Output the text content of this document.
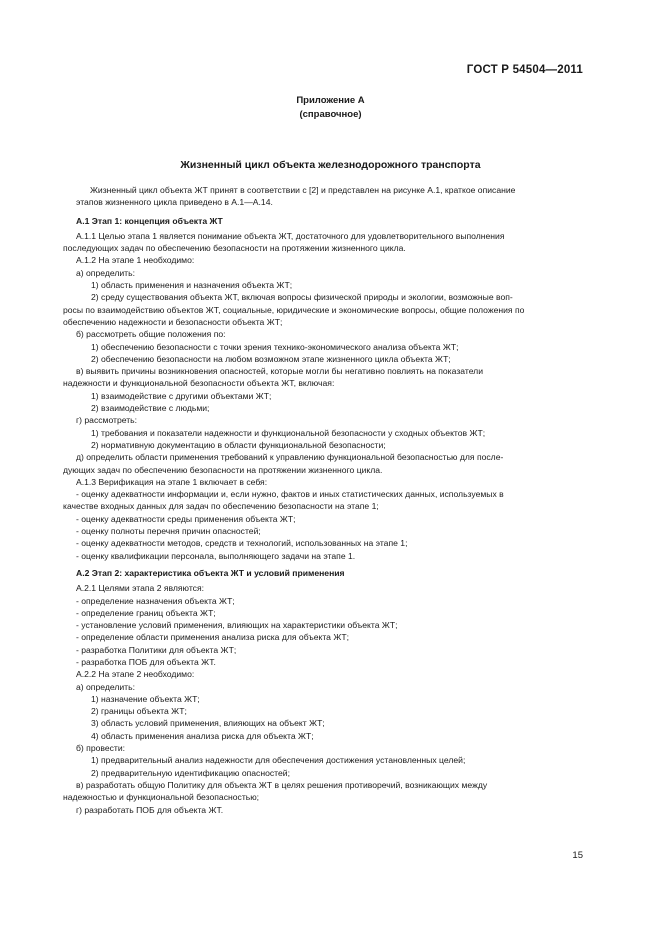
ГОСТ Р 54504—2011
Приложение А
(справочное)
Жизненный цикл объекта железнодорожного транспорта

Жизненный цикл объекта ЖТ принят в соответствии с [2] и представлен на рисунке А.1, краткое описание

этапов жизненного цикла приведено в А.1—А.14.

А.1 Этап 1: концепция объекта ЖТ

А.1.1 Целью этапа 1 является понимание объекта ЖТ, достаточного для удовлетворительного выполнения

последующих задач по обеспечению безопасности на протяжении жизненного цикла.

А.1.2 На этапе 1 необходимо:

а) определить:

1) область применения и назначения объекта ЖТ;

2) среду существования объекта ЖТ, включая вопросы физической природы и экологии, возможные воп-

росы по взаимодействию объектов ЖТ, социальные, юридические и экономические вопросы, общие положения по

обеспечению надежности и безопасности объекта ЖТ;

б) рассмотреть общие положения по:

1) обеспечению безопасности с точки зрения технико-экономического анализа объекта ЖТ;

2) обеспечению безопасности на любом возможном этапе жизненного цикла объекта ЖТ;

в) выявить причины возникновения опасностей, которые могли бы негативно повлиять на показатели

надежности и функциональной безопасности объекта ЖТ, включая:

1) взаимодействие с другими объектами ЖТ;

2) взаимодействие с людьми;

г) рассмотреть:

1) требования и показатели надежности и функциональной безопасности у сходных объектов ЖТ;

2) нормативную документацию в области функциональной безопасности;

д) определить области применения требований к управлению функциональной безопасностью для после-

дующих задач по обеспечению безопасности на протяжении жизненного цикла.

А.1.3 Верификация на этапе 1 включает в себя:

- оценку адекватности информации и, если нужно, фактов и иных статистических данных, используемых в

качестве входных данных для задач по обеспечению безопасности на этапе 1;

- оценку адекватности среды применения объекта ЖТ;

- оценку полноты перечня причин опасностей;

- оценку адекватности методов, средств и технологий, использованных на этапе 1;

- оценку квалификации персонала, выполняющего задачи на этапе 1.

А.2 Этап 2: характеристика объекта ЖТ и условий применения

А.2.1 Целями этапа 2 являются:

- определение назначения объекта ЖТ;

- определение границ объекта ЖТ;

- установление условий применения, влияющих на характеристики объекта ЖТ;

- определение области применения анализа риска для объекта ЖТ;

- разработка Политики для объекта ЖТ;

- разработка ПОБ для объекта ЖТ.

А.2.2 На этапе 2 необходимо:

а) определить:

1) назначение объекта ЖТ;

2) границы объекта ЖТ;

3) область условий применения, влияющих на объект ЖТ;

4) область применения анализа риска для объекта ЖТ;

б) провести:

1) предварительный анализ надежности для обеспечения достижения установленных целей;

2) предварительную идентификацию опасностей;

в) разработать общую Политику для объекта ЖТ в целях решения противоречий, возникающих между

надежностью и функциональной безопасностью;

г) разработать ПОБ для объекта ЖТ.

15
